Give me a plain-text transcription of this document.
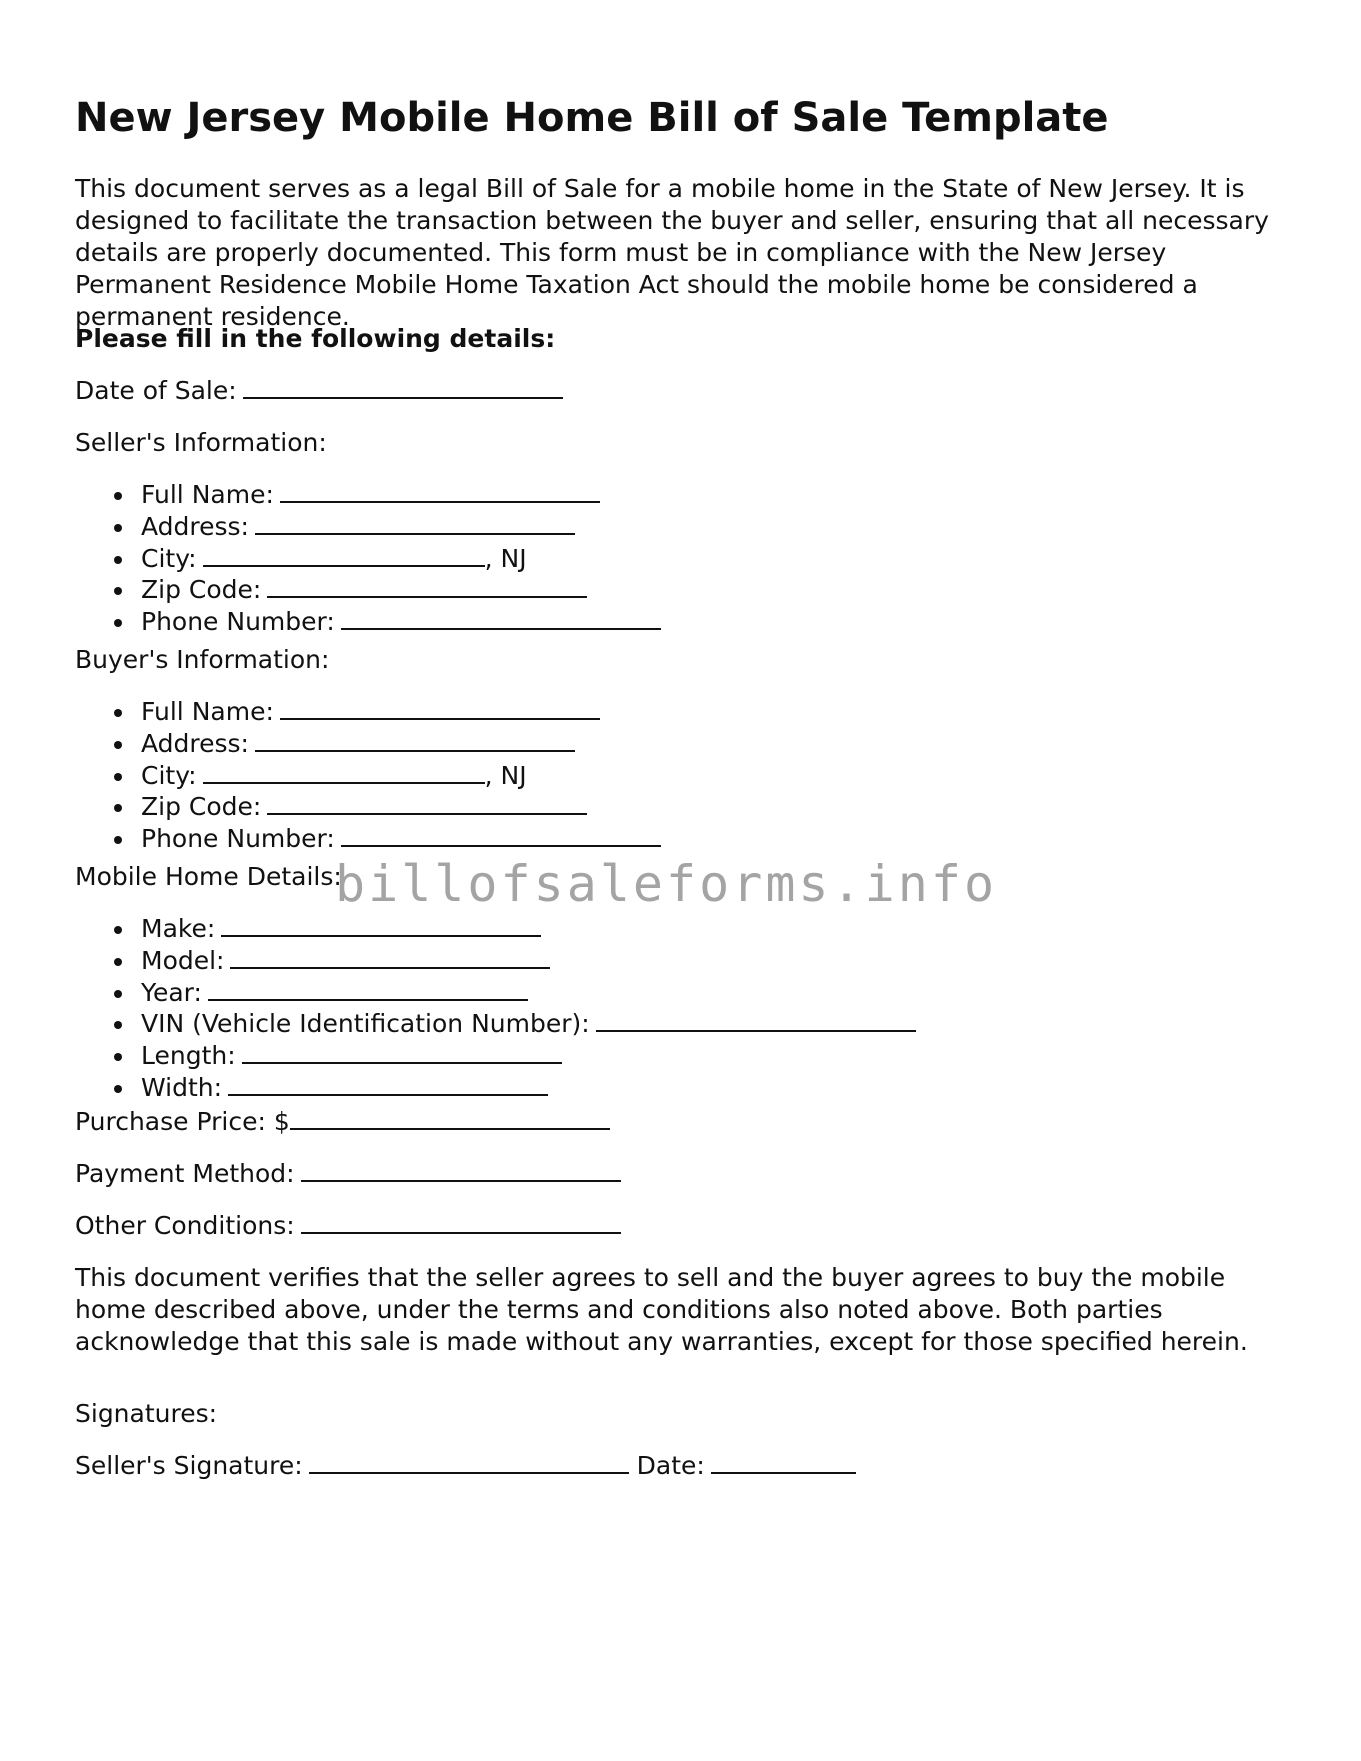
New Jersey Mobile Home Bill of Sale Template

This document serves as a legal Bill of Sale for a mobile home in the State of New Jersey. It is designed to facilitate the transaction between the buyer and seller, ensuring that all necessary details are properly documented. This form must be in compliance with the New Jersey Permanent Residence Mobile Home Taxation Act should the mobile home be considered a permanent residence.

Please fill in the following details:
Date of Sale:
Seller's Information:
Full Name:
Address:
City:	, NJ
Zip Code:
Phone Number:
Buyer's Information:
Full Name:
Address:
City:	, NJ
Zip Code:
Phone Number:
Mobile Home Details:
Make:
Model:
Year:
VIN (Vehicle Identification Number):
Length:
Width:
Purchase Price: $
Payment Method:
Other Conditions:

This document verifies that the seller agrees to sell and the buyer agrees to buy the mobile home described above, under the terms and conditions also noted above. Both parties acknowledge that this sale is made without any warranties, except for those specified herein.

Signatures:
Seller's Signature:	Date:
billofsaleforms.info
